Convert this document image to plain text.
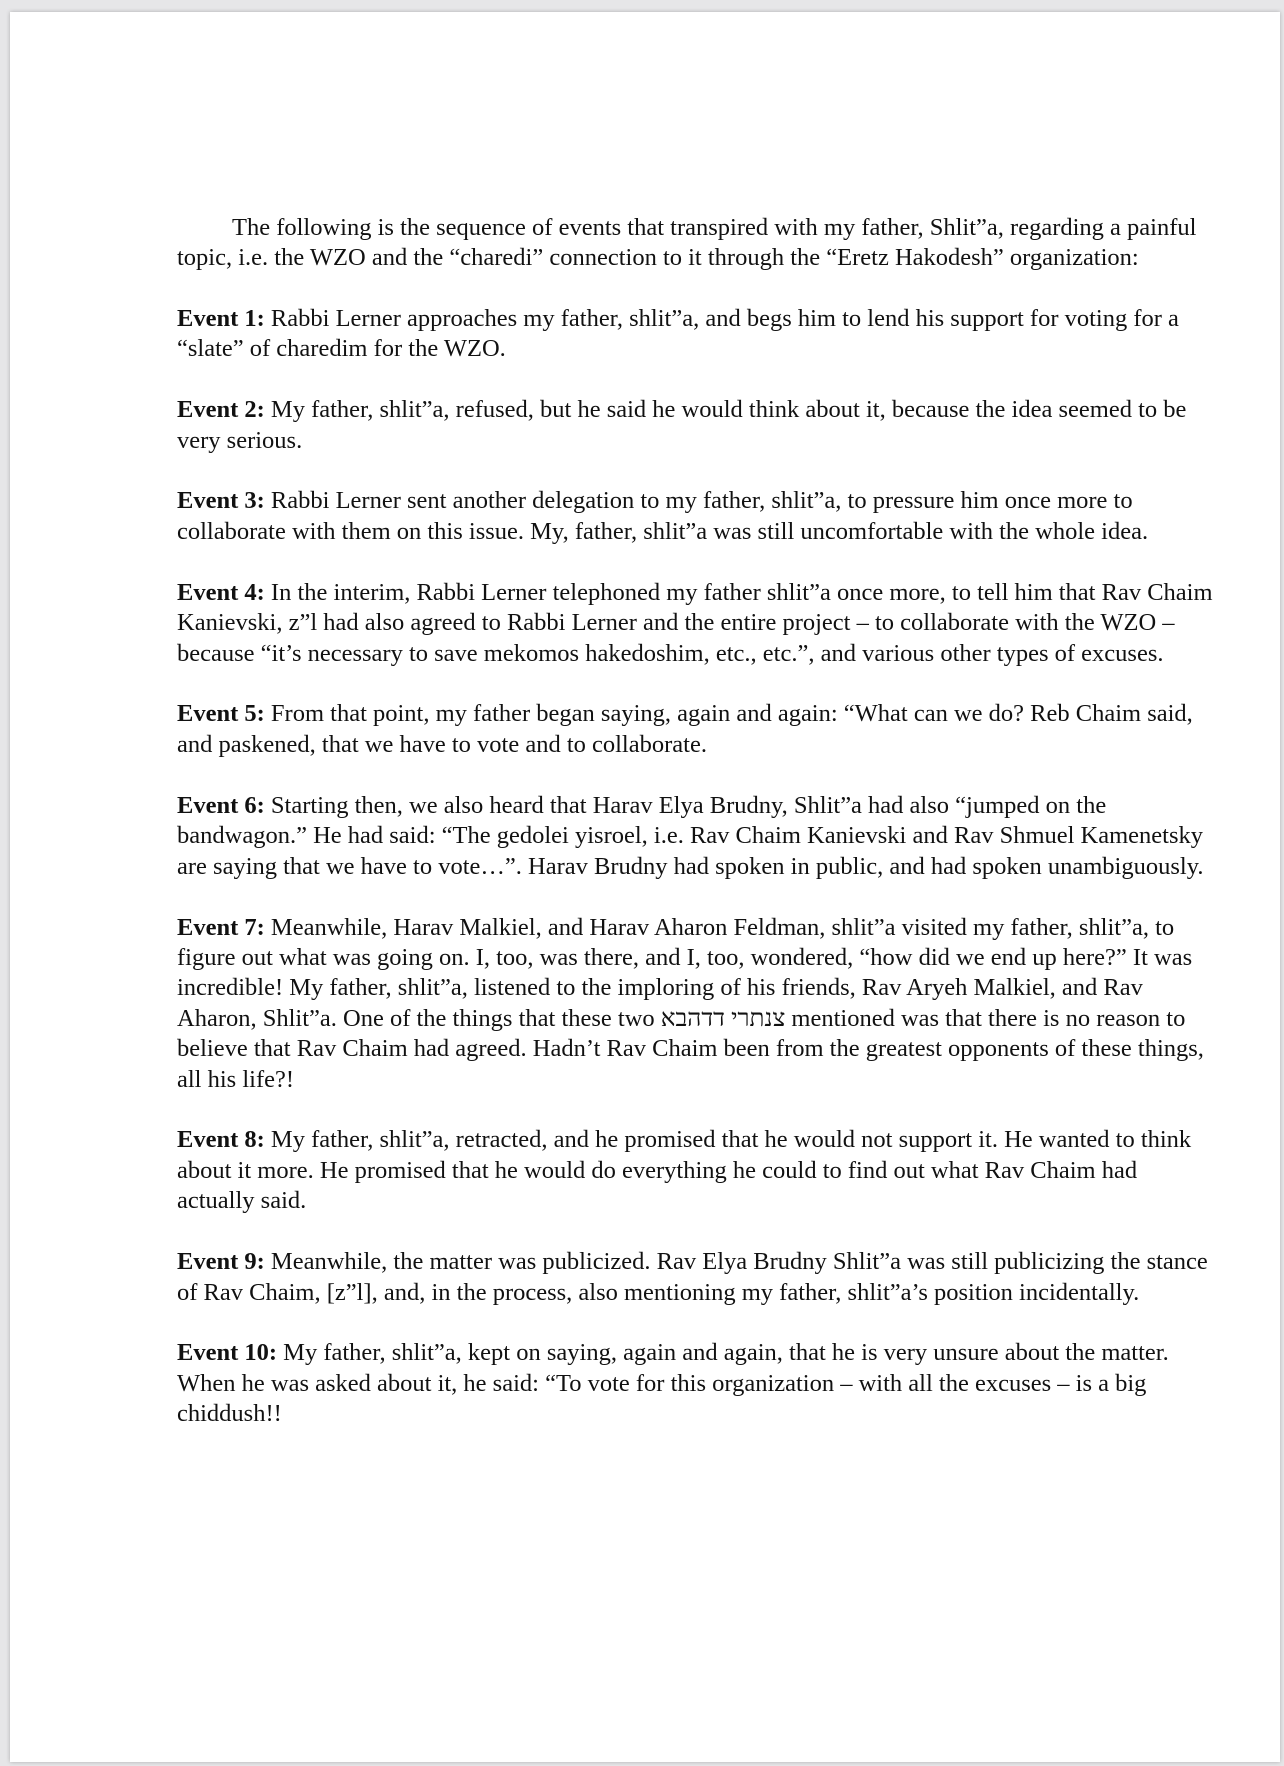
The following is the sequence of events that transpired with my father, Shlit”a, regarding a painful topic, i.e. the WZO and the “charedi” connection to it through the “Eretz Hakodesh” organization:

Event 1: Rabbi Lerner approaches my father, shlit”a, and begs him to lend his support for voting for a “slate” of charedim for the WZO.

Event 2: My father, shlit”a, refused, but he said he would think about it, because the idea seemed to be very serious.

Event 3: Rabbi Lerner sent another delegation to my father, shlit”a, to pressure him once more to collaborate with them on this issue. My, father, shlit”a was still uncomfortable with the whole idea.

Event 4: In the interim, Rabbi Lerner telephoned my father shlit”a once more, to tell him that Rav Chaim Kanievski, z”l had also agreed to Rabbi Lerner and the entire project – to collaborate with the WZO – because “it’s necessary to save mekomos hakedoshim, etc., etc.”, and various other types of excuses.

Event 5: From that point, my father began saying, again and again: “What can we do? Reb Chaim said, and paskened, that we have to vote and to collaborate.

Event 6: Starting then, we also heard that Harav Elya Brudny, Shlit”a had also “jumped on the bandwagon.” He had said: “The gedolei yisroel, i.e. Rav Chaim Kanievski and Rav Shmuel Kamenetsky are saying that we have to vote…”. Harav Brudny had spoken in public, and had spoken unambiguously.

Event 7: Meanwhile, Harav Malkiel, and Harav Aharon Feldman, shlit”a visited my father, shlit”a, to figure out what was going on. I, too, was there, and I, too, wondered, “how did we end up here?” It was incredible! My father, shlit”a, listened to the imploring of his friends, Rav Aryeh Malkiel, and Rav Aharon, Shlit”a. One of the things that these two צנתרי דדהבא mentioned was that there is no reason to believe that Rav Chaim had agreed. Hadn’t Rav Chaim been from the greatest opponents of these things, all his life?!

Event 8: My father, shlit”a, retracted, and he promised that he would not support it. He wanted to think about it more. He promised that he would do everything he could to find out what Rav Chaim had actually said.

Event 9: Meanwhile, the matter was publicized. Rav Elya Brudny Shlit”a was still publicizing the stance of Rav Chaim, [z”l], and, in the process, also mentioning my father, shlit”a’s position incidentally.

Event 10: My father, shlit”a, kept on saying, again and again, that he is very unsure about the matter. When he was asked about it, he said: “To vote for this organization – with all the excuses – is a big chiddush!!
